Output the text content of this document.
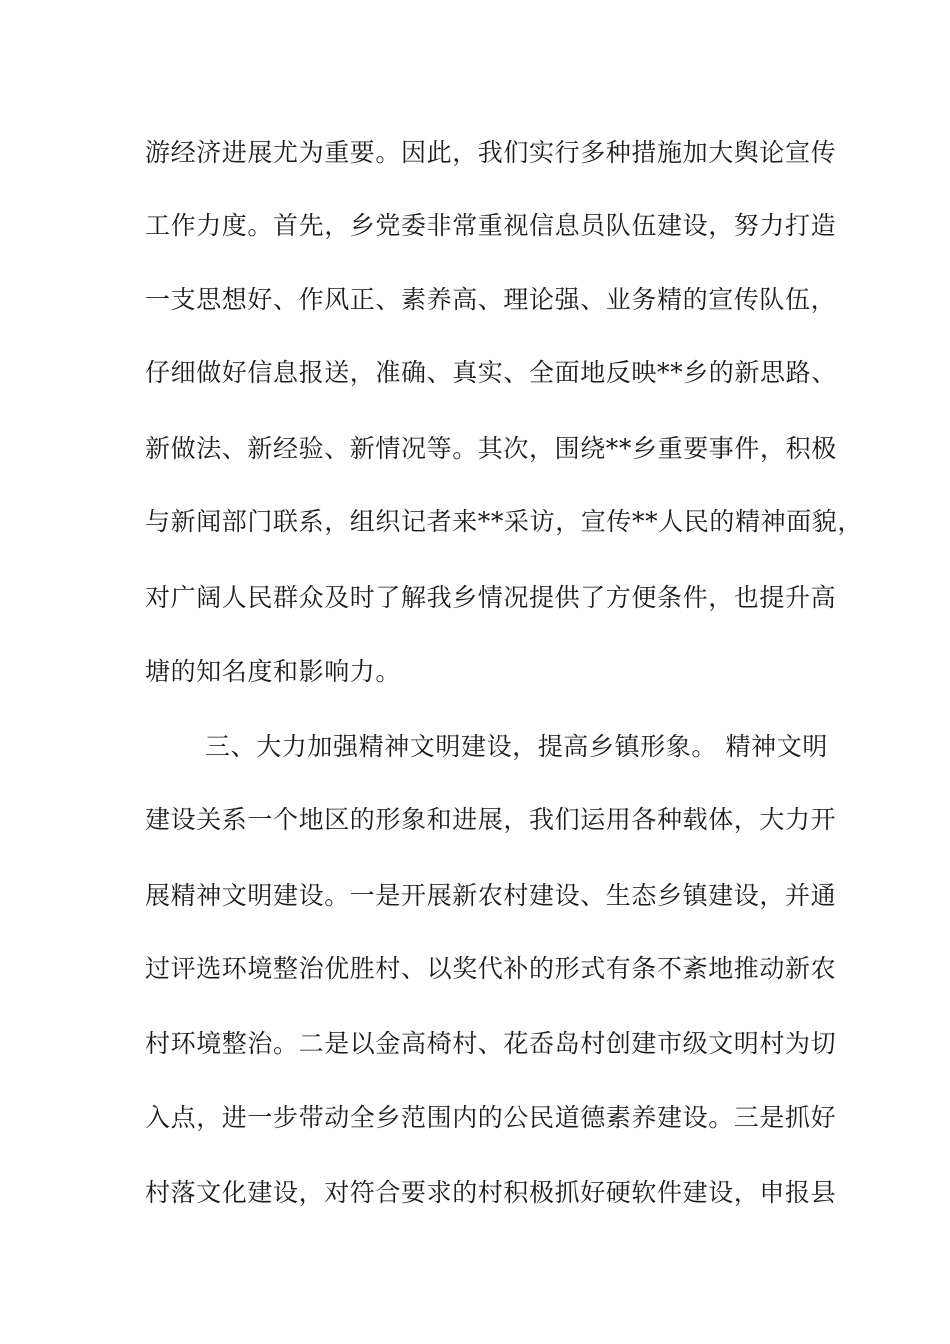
游经济进展尤为重要。因此，我们实行多种措施加大舆论宣传
工作力度。首先，乡党委非常重视信息员队伍建设，努力打造
一支思想好、作风正、素养高、理论强、业务精的宣传队伍，
仔细做好信息报送，准确、真实、全面地反映**乡的新思路、
新做法、新经验、新情况等。其次，围绕**乡重要事件，积极
与新闻部门联系，组织记者来**采访，宣传**人民的精神面貌，
对广阔人民群众及时了解我乡情况提供了方便条件，也提升高
塘的知名度和影响力。
三、大力加强精神文明建设，提高乡镇形象。 精神文明
建设关系一个地区的形象和进展，我们运用各种载体，大力开
展精神文明建设。一是开展新农村建设、生态乡镇建设，并通
过评选环境整治优胜村、以奖代补的形式有条不紊地推动新农
村环境整治。二是以金高椅村、花岙岛村创建市级文明村为切
入点，进一步带动全乡范围内的公民道德素养建设。三是抓好
村落文化建设，对符合要求的村积极抓好硬软件建设，申报县
